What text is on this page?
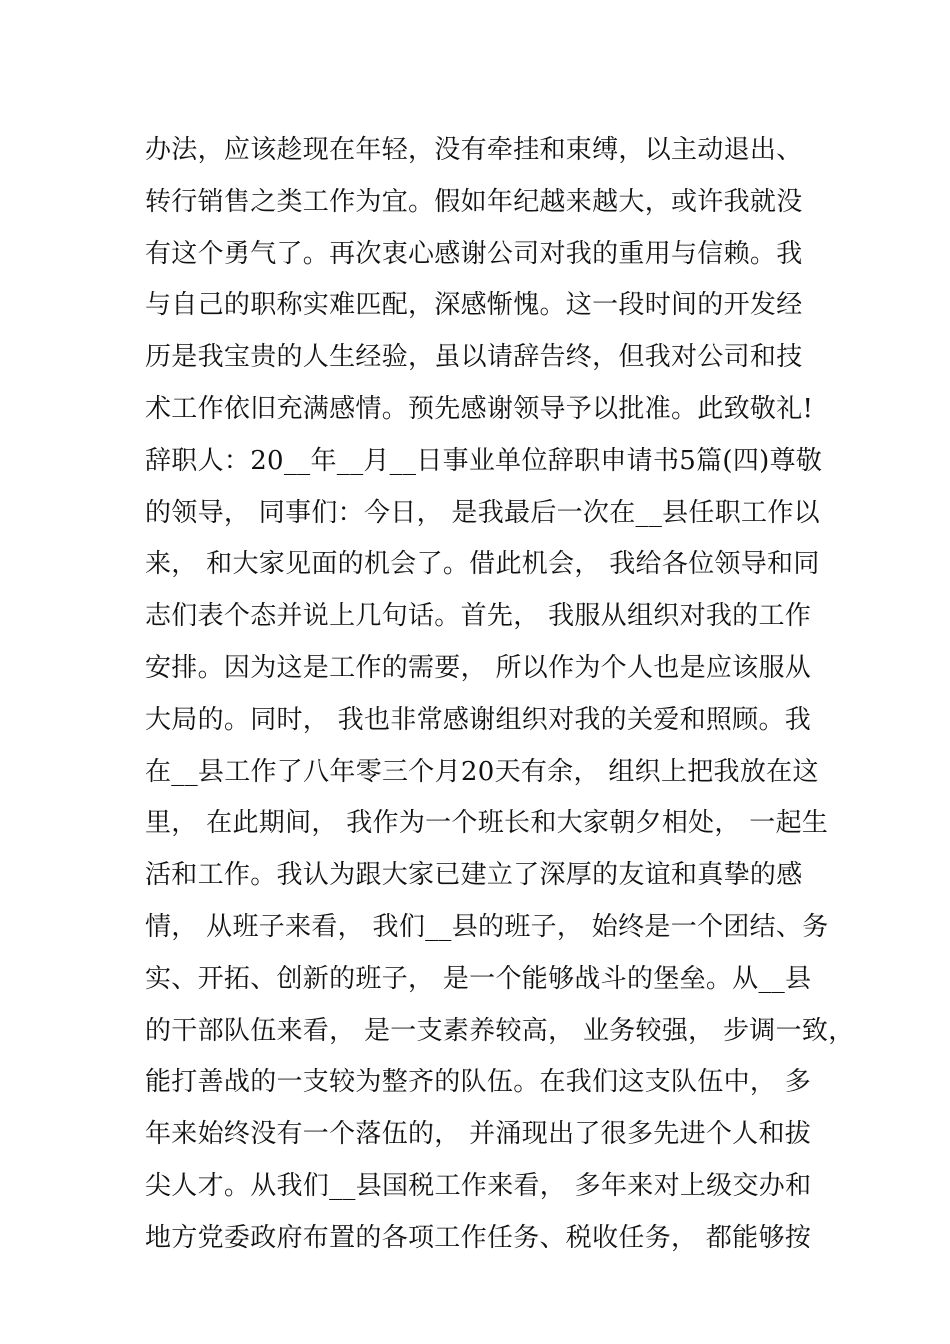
办法，应该趁现在年轻，没有牵挂和束缚，以主动退出、
转行销售之类工作为宜。假如年纪越来越大，或许我就没
有这个勇气了。再次衷心感谢公司对我的重用与信赖。我
与自己的职称实难匹配，深感惭愧。这一段时间的开发经
历是我宝贵的人生经验，虽以请辞告终，但我对公司和技
术工作依旧充满感情。预先感谢领导予以批准。此致敬礼!
辞职人：20__年__月__日事业单位辞职申请书5篇(四)尊敬
的领导， 同事们：今日， 是我最后一次在__县任职工作以
来， 和大家见面的机会了。借此机会， 我给各位领导和同
志们表个态并说上几句话。首先， 我服从组织对我的工作
安排。因为这是工作的需要， 所以作为个人也是应该服从
大局的。同时， 我也非常感谢组织对我的关爱和照顾。我
在__县工作了八年零三个月20天有余， 组织上把我放在这
里， 在此期间， 我作为一个班长和大家朝夕相处， 一起生
活和工作。我认为跟大家已建立了深厚的友谊和真挚的感
情， 从班子来看， 我们__县的班子， 始终是一个团结、务
实、开拓、创新的班子， 是一个能够战斗的堡垒。从__县
的干部队伍来看， 是一支素养较高， 业务较强， 步调一致，
能打善战的一支较为整齐的队伍。在我们这支队伍中， 多
年来始终没有一个落伍的， 并涌现出了很多先进个人和拔
尖人才。从我们__县国税工作来看， 多年来对上级交办和
地方党委政府布置的各项工作任务、税收任务， 都能够按
